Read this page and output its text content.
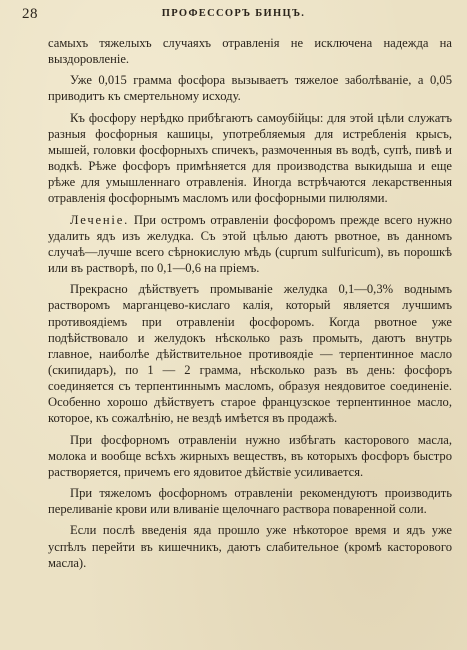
28	ПРОФЕССОРЪ БИНЦЪ.

самыхъ тяжелыхъ случаяхъ отравленія не исключена надежда на выздоровленіе.

Уже 0,015 грамма фосфора вызываетъ тяжелое заболѣваніе, а 0,05 приводитъ къ смертельному исходу.

Къ фосфору нерѣдко прибѣгаютъ самоубійцы: для этой цѣли служатъ разныя фосфорныя кашицы, употребляемыя для истребленія крысъ, мышей, головки фосфорныхъ спичекъ, размоченныя въ водѣ, супѣ, пивѣ и водкѣ. Рѣже фосфоръ примѣняется для производства выкидыша и еще рѣже для умышленнаго отравленія. Иногда встрѣчаются лекарственныя отравленія фосфорнымъ масломъ или фосфорными пилюлями.

Леченіе. При остромъ отравленіи фосфоромъ прежде всего нужно удалить ядъ изъ желудка. Съ этой цѣлью даютъ рвотное, въ данномъ случаѣ—лучше всего сѣрнокислую мѣдь (cuprum sulfuricum), въ порошкѣ или въ растворѣ, по 0,1—0,6 на пріемъ.

Прекрасно дѣйствуетъ промываніе желудка 0,1—0,3% воднымъ растворомъ марганцево-кислаго калія, который является лучшимъ противоядіемъ при отравленіи фосфоромъ. Когда рвотное уже подѣйствовало и желудокъ нѣсколько разъ промыть, даютъ внутрь главное, наиболѣе дѣйствительное противоядіе — терпентинное масло (скипидаръ), по 1 — 2 грамма, нѣсколько разъ въ день: фосфоръ соединяется съ терпентиннымъ масломъ, образуя неядовитое соединеніе. Особенно хорошо дѣйствуетъ старое французское терпентинное масло, которое, къ сожалѣнію, не вездѣ имѣется въ продажѣ.

При фосфорномъ отравленіи нужно избѣгать касторового масла, молока и вообще всѣхъ жирныхъ веществъ, въ которыхъ фосфоръ быстро растворяется, причемъ его ядовитое дѣйствіе усиливается.

При тяжеломъ фосфорномъ отравленіи рекомендуютъ производить переливаніе крови или вливаніе щелочнаго раствора поваренной соли.

Если послѣ введенія яда прошло уже нѣкоторое время и ядъ уже успѣлъ перейти въ кишечникъ, даютъ слабительное (кромѣ касторового масла).
